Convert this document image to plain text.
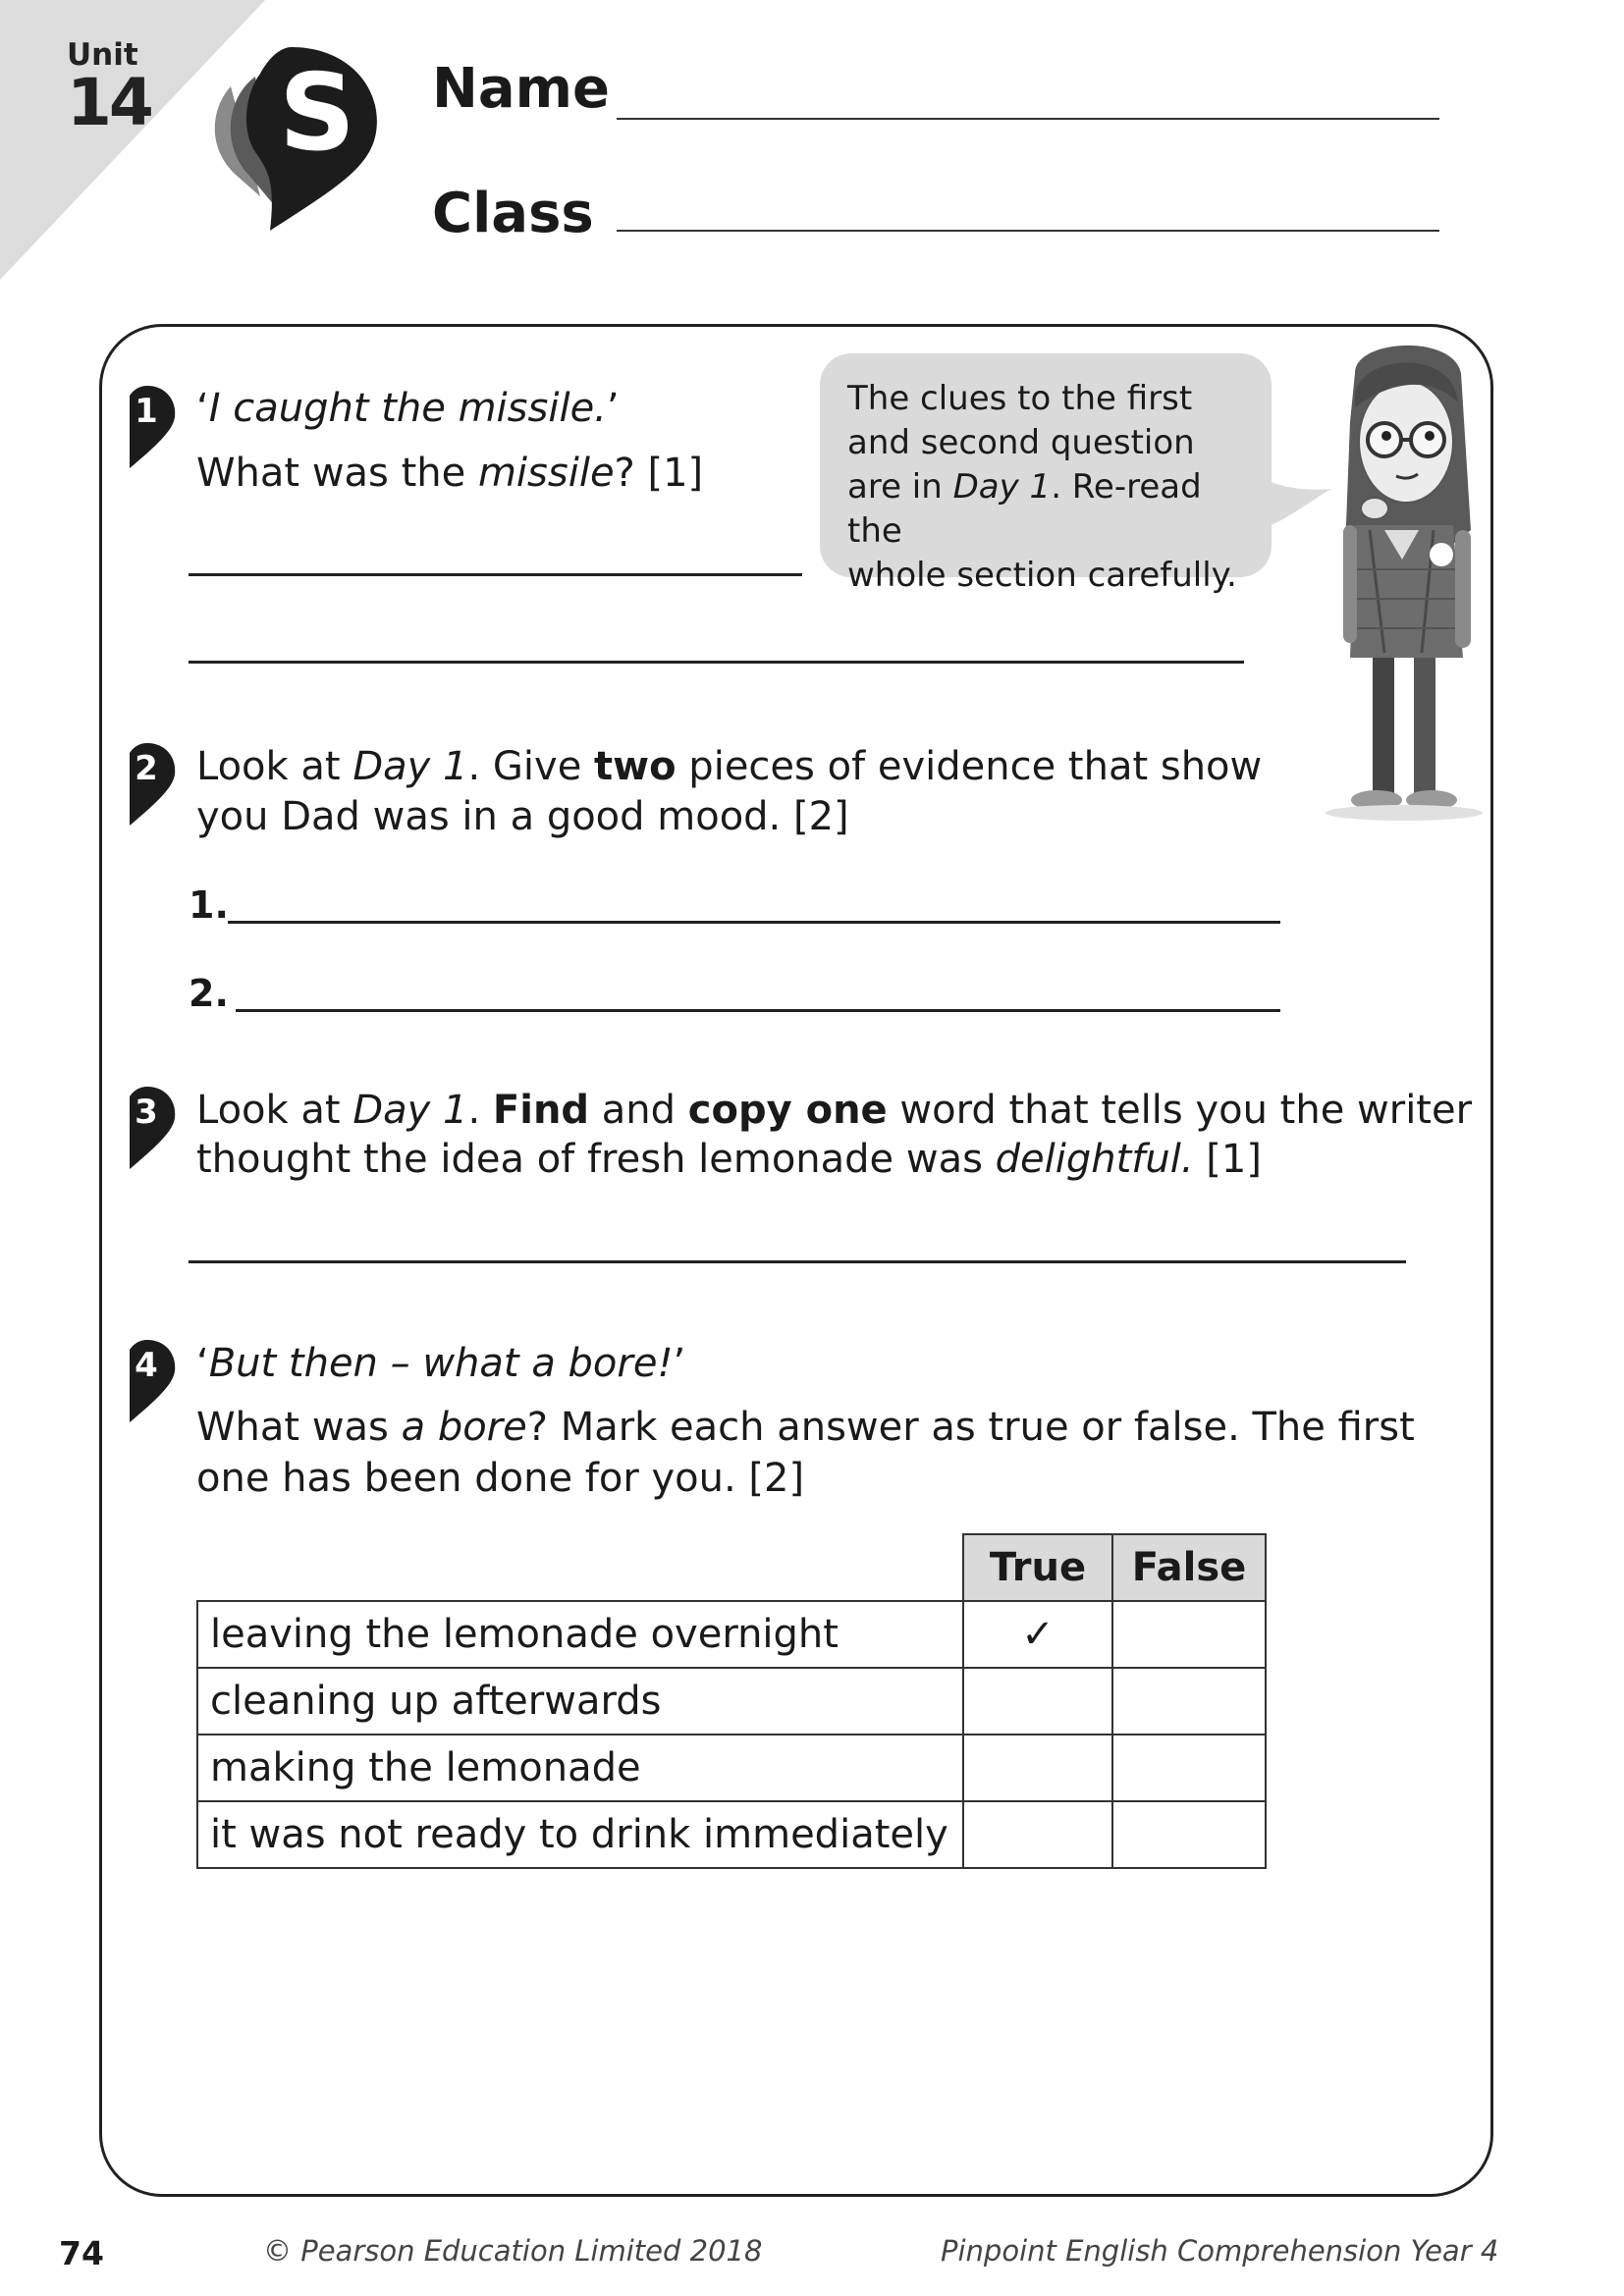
Unit
14 S Name
Class
The clues to the first
and second question
are in Day 1. Re-read the
whole section carefully.
1 ‘I caught the missile.’
What was the missile? [1]
2 Look at Day 1. Give two pieces of evidence that show
you Dad was in a good mood. [2]
1.
2.
3 Look at Day 1. Find and copy one word that tells you the writer
thought the idea of fresh lemonade was delightful. [1]
4 ‘But then – what a bore!’
What was a bore? Mark each answer as true or false. The first
one has been done for you. [2]
	True	False
leaving the lemonade overnight	✓	
cleaning up afterwards		
making the lemonade		
it was not ready to drink immediately		
74	© Pearson Education Limited 2018	Pinpoint English Comprehension Year 4
